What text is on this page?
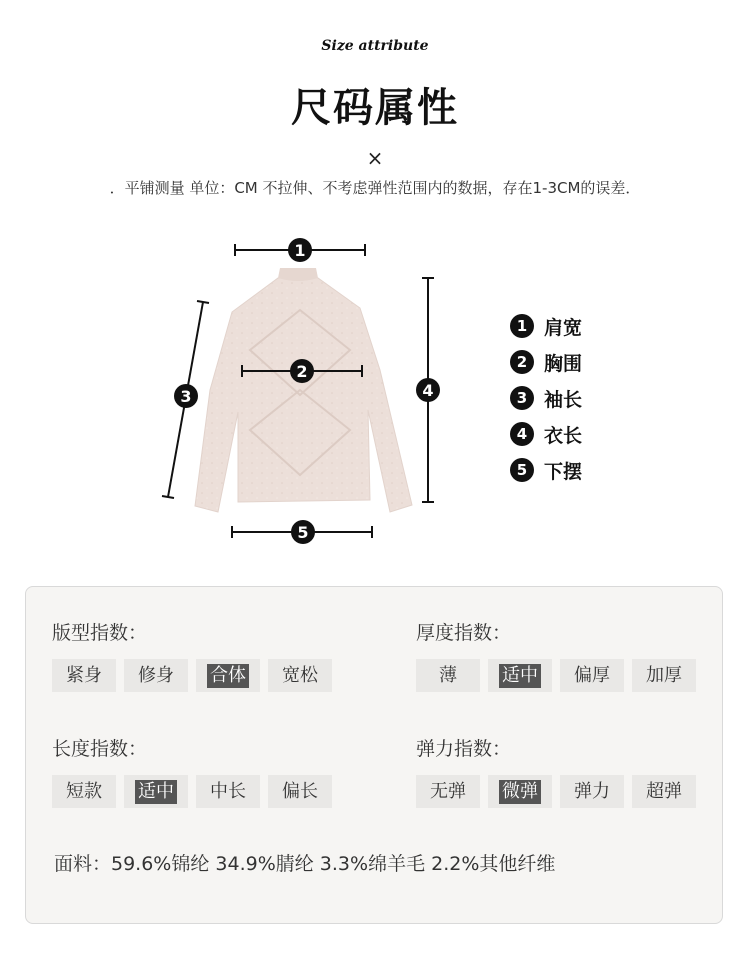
Size attribute
尺码属性
×
．平铺测量 单位：CM 不拉伸、不考虑弹性范围内的数据，存在1-3CM的误差．
1
2
3	4
5
1 肩宽
2 胸围
3 袖长
4 衣长
5 下摆
版型指数：
紧身 修身 合体 宽松
厚度指数：
薄	适中 偏厚 加厚
长度指数：
短款 适中 中长 偏长
弹力指数：
无弹 微弹 弹力 超弹
面料：59.6%锦纶 34.9%腈纶 3.3%绵羊毛 2.2%其他纤维
